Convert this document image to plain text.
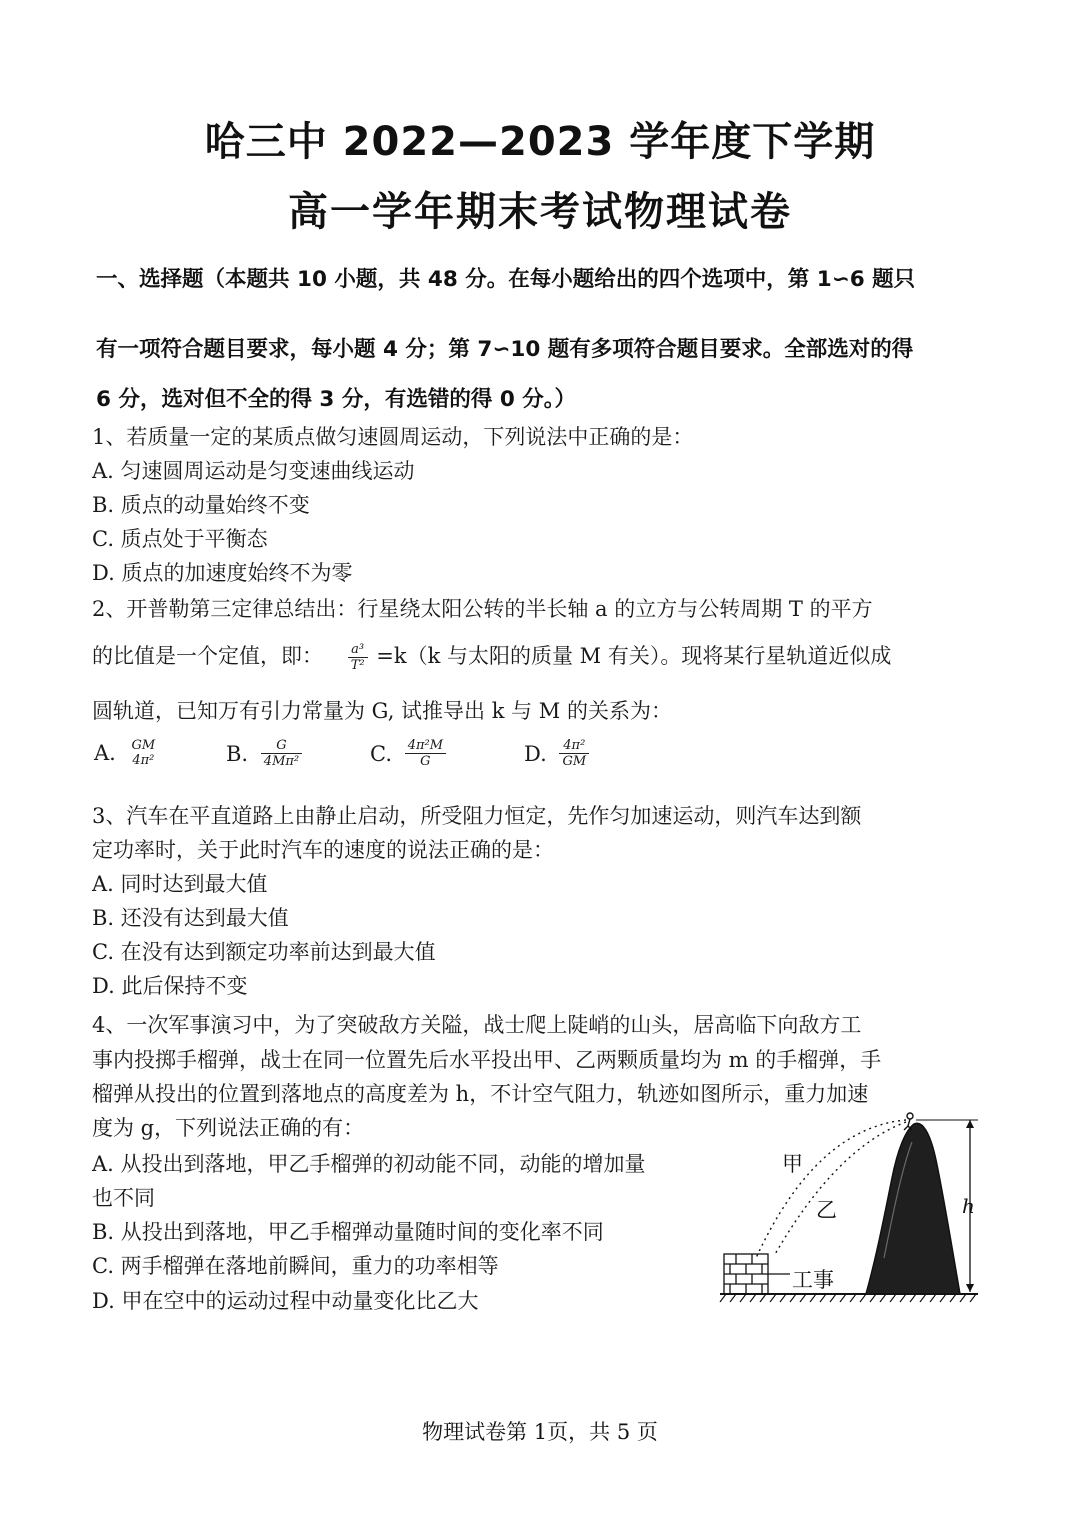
哈三中 2022—2023 学年度下学期
高一学年期末考试物理试卷
一、选择题（本题共 10 小题，共 48 分。在每小题给出的四个选项中，第 1∽6 题只
有一项符合题目要求，每小题 4 分；第 7∽10 题有多项符合题目要求。全部选对的得
6 分，选对但不全的得 3 分，有选错的得 0 分。）
1、若质量一定的某质点做匀速圆周运动，下列说法中正确的是：
A. 匀速圆周运动是匀变速曲线运动
B. 质点的动量始终不变
C. 质点处于平衡态
D. 质点的加速度始终不为零
2、开普勒第三定律总结出：行星绕太阳公转的半长轴 a 的立方与公转周期 T 的平方
的比值是一个定值，即： $\frac{\text{a³}}{\text{T²}} =k(k$ 与太阳的质量 M 有关）。现将某行星轨道近似成
圆轨道，已知万有引力常量为 G, 试推导出 k 与 M 的关系为：
A. GM
4π²	B. $\frac{G}{\text{4Mπ²}}$	C. $\frac{\text{4π²M}}{G}$	D. $\frac{\text{4π²}}{GM}$
3、汽车在平直道路上由静止启动，所受阻力恒定，先作匀加速运动，则汽车达到额
定功率时，关于此时汽车的速度的说法正确的是：
A. 同时达到最大值
B. 还没有达到最大值
C. 在没有达到额定功率前达到最大值
D. 此后保持不变
4、一次军事演习中，为了突破敌方关隘，战士爬上陡峭的山头，居高临下向敌方工
事内投掷手榴弹，战士在同一位置先后水平投出甲、乙两颗质量均为 m 的手榴弹，手
榴弹从投出的位置到落地点的高度差为 h，不计空气阻力，轨迹如图所示，重力加速
度为 g，下列说法正确的有：
A. 从投出到落地，甲乙手榴弹的初动能不同，动能的增加量
也不同
B. 从投出到落地，甲乙手榴弹动量随时间的变化率不同
C. 两手榴弹在落地前瞬间，重力的功率相等
D. 甲在空中的运动过程中动量变化比乙大
甲
乙	h
工事
物理试卷第 1页，共 5 页
